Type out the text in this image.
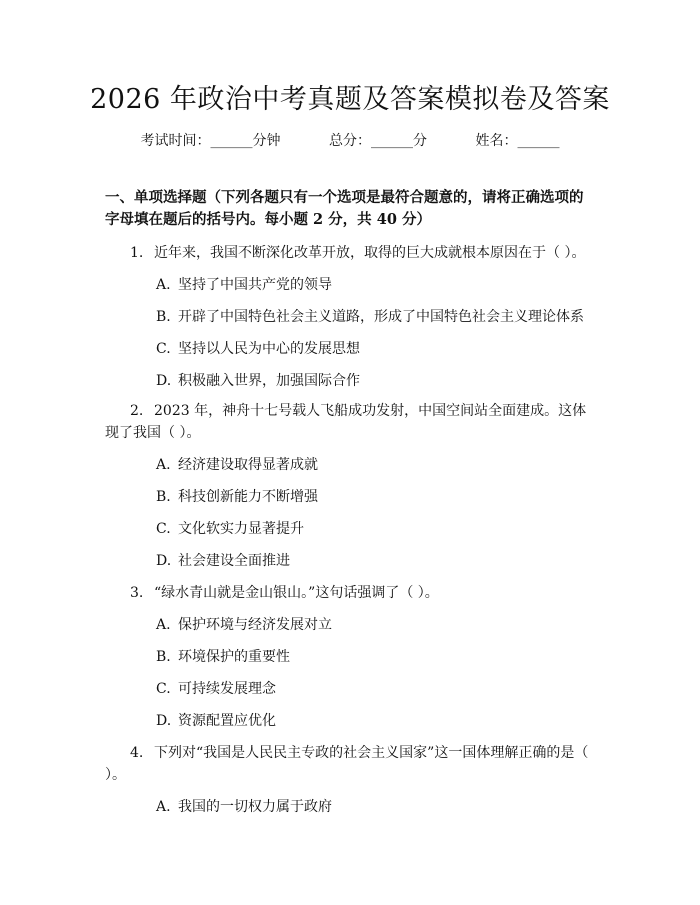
2026 年政治中考真题及答案模拟卷及答案
考试时间：______分钟	总分：______分	姓名：______
一、单项选择题（下列各题只有一个选项是最符合题意的，请将正确选项的字母填在题后的括号内。每小题 2 分，共 40 分）
1. 近年来，我国不断深化改革开放，取得的巨大成就根本原因在于（ ）。
A. 坚持了中国共产党的领导
B. 开辟了中国特色社会主义道路，形成了中国特色社会主义理论体系
C. 坚持以人民为中心的发展思想
D. 积极融入世界，加强国际合作
2. 2023 年，神舟十七号载人飞船成功发射，中国空间站全面建成。这体现了我国（ ）。
A. 经济建设取得显著成就
B. 科技创新能力不断增强
C. 文化软实力显著提升
D. 社会建设全面推进
3. “绿水青山就是金山银山。”这句话强调了（ ）。
A. 保护环境与经济发展对立
B. 环境保护的重要性
C. 可持续发展理念
D. 资源配置应优化
4. 下列对“我国是人民民主专政的社会主义国家”这一国体理解正确的是（ ）。
A. 我国的一切权力属于政府
